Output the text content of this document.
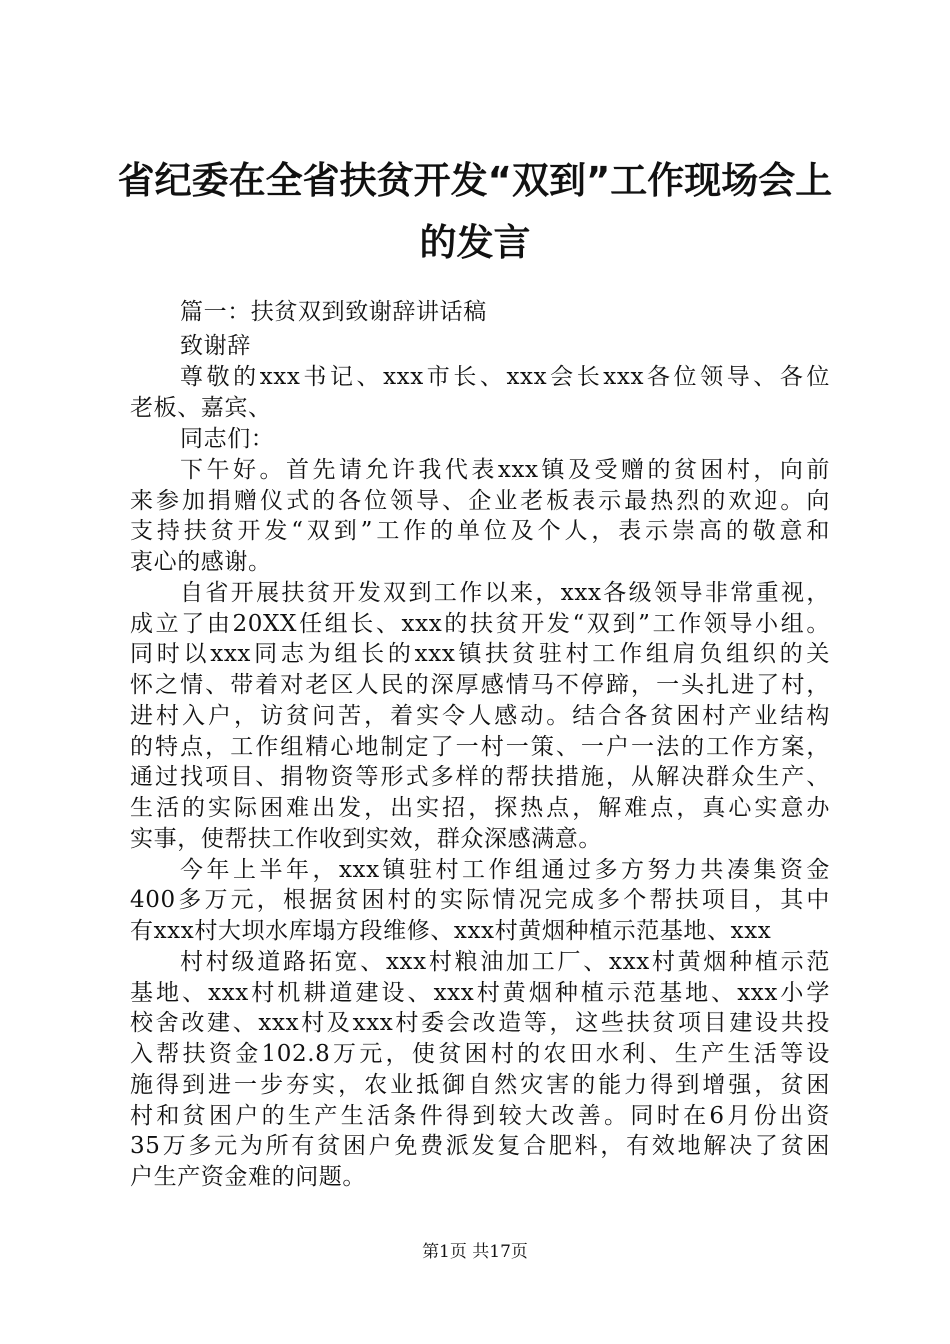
省纪委在全省扶贫开发“双到”工作现场会上
的发言
篇一：扶贫双到致谢辞讲话稿
致谢辞
尊敬的xxx书记、xxx市长、xxx会长xxx各位领导、各位
老板、嘉宾、
同志们：
下午好。首先请允许我代表xxx镇及受赠的贫困村，向前
来参加捐赠仪式的各位领导、企业老板表示最热烈的欢迎。向
支持扶贫开发“双到”工作的单位及个人，表示崇高的敬意和
衷心的感谢。
自省开展扶贫开发双到工作以来，xxx各级领导非常重视，
成立了由20XX任组长、xxx的扶贫开发“双到”工作领导小组。
同时以xxx同志为组长的xxx镇扶贫驻村工作组肩负组织的关
怀之情、带着对老区人民的深厚感情马不停蹄，一头扎进了村，
进村入户，访贫问苦，着实令人感动。结合各贫困村产业结构
的特点，工作组精心地制定了一村一策、一户一法的工作方案，
通过找项目、捐物资等形式多样的帮扶措施，从解决群众生产、
生活的实际困难出发，出实招，探热点，解难点，真心实意办
实事，使帮扶工作收到实效，群众深感满意。
今年上半年，xxx镇驻村工作组通过多方努力共凑集资金
400多万元，根据贫困村的实际情况完成多个帮扶项目，其中
有xxx村大坝水库塌方段维修、xxx村黄烟种植示范基地、xxx
村村级道路拓宽、xxx村粮油加工厂、xxx村黄烟种植示范
基地、xxx村机耕道建设、xxx村黄烟种植示范基地、xxx小学
校舍改建、xxx村及xxx村委会改造等，这些扶贫项目建设共投
入帮扶资金102.8万元，使贫困村的农田水利、生产生活等设
施得到进一步夯实，农业抵御自然灾害的能力得到增强，贫困
村和贫困户的生产生活条件得到较大改善。同时在6月份出资
35万多元为所有贫困户免费派发复合肥料，有效地解决了贫困
户生产资金难的问题。
第1页 共17页
